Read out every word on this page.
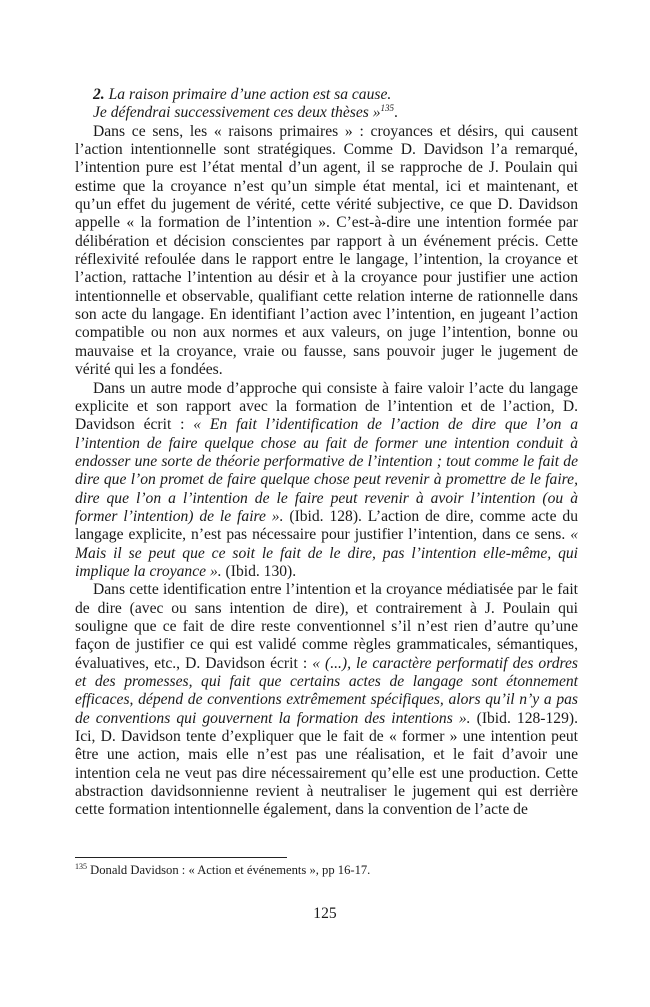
2. La raison primaire d’une action est sa cause.

Je défendrai successivement ces deux thèses »$^{135}$.

Dans ce sens, les « raisons primaires » : croyances et désirs, qui causent l’action intentionnelle sont stratégiques. Comme D. Davidson l’a remarqué, l’intention pure est l’état mental d’un agent, il se rapproche de J. Poulain qui estime que la croyance n’est qu’un simple état mental, ici et maintenant, et qu’un effet du jugement de vérité, cette vérité subjective, ce que D. Davidson appelle « la formation de l’intention ». C’est-à-dire une intention formée par délibération et décision conscientes par rapport à un événement précis. Cette réflexivité refoulée dans le rapport entre le langage, l’intention, la croyance et l’action, rattache l’intention au désir et à la croyance pour justifier une action intentionnelle et observable, qualifiant cette relation interne de rationnelle dans son acte du langage. En identifiant l’action avec l’intention, en jugeant l’action compatible ou non aux normes et aux valeurs, on juge l’intention, bonne ou mauvaise et la croyance, vraie ou fausse, sans pouvoir juger le jugement de vérité qui les a fondées.

Dans un autre mode d’approche qui consiste à faire valoir l’acte du langage explicite et son rapport avec la formation de l’intention et de l’action, D. Davidson écrit : « En fait l’identification de l’action de dire que l’on a l’intention de faire quelque chose au fait de former une intention conduit à endosser une sorte de théorie performative de l’intention ; tout comme le fait de dire que l’on promet de faire quelque chose peut revenir à promettre de le faire, dire que l’on a l’intention de le faire peut revenir à avoir l’intention (ou à former l’intention) de le faire ». (Ibid. 128). L’action de dire, comme acte du langage explicite, n’est pas nécessaire pour justifier l’intention, dans ce sens. « Mais il se peut que ce soit le fait de le dire, pas l’intention elle-même, qui implique la croyance ». (Ibid. 130).

Dans cette identification entre l’intention et la croyance médiatisée par le fait de dire (avec ou sans intention de dire), et contrairement à J. Poulain qui souligne que ce fait de dire reste conventionnel s’il n’est rien d’autre qu’une façon de justifier ce qui est validé comme règles grammaticales, sémantiques, évaluatives, etc., D. Davidson écrit : « (...), le caractère performatif des ordres et des promesses, qui fait que certains actes de langage sont étonnement efficaces, dépend de conventions extrêmement spécifiques, alors qu’il n’y a pas de conventions qui gouvernent la formation des intentions ». (Ibid. 128-129). Ici, D. Davidson tente d’expliquer que le fait de « former » une intention peut être une action, mais elle n’est pas une réalisation, et le fait d’avoir une intention cela ne veut pas dire nécessairement qu’elle est une production. Cette abstraction davidsonnienne revient à neutraliser le jugement qui est derrière cette formation intentionnelle également, dans la convention de l’acte de

$^{135}$ Donald Davidson : « Action et événements », pp 16-17.
125
